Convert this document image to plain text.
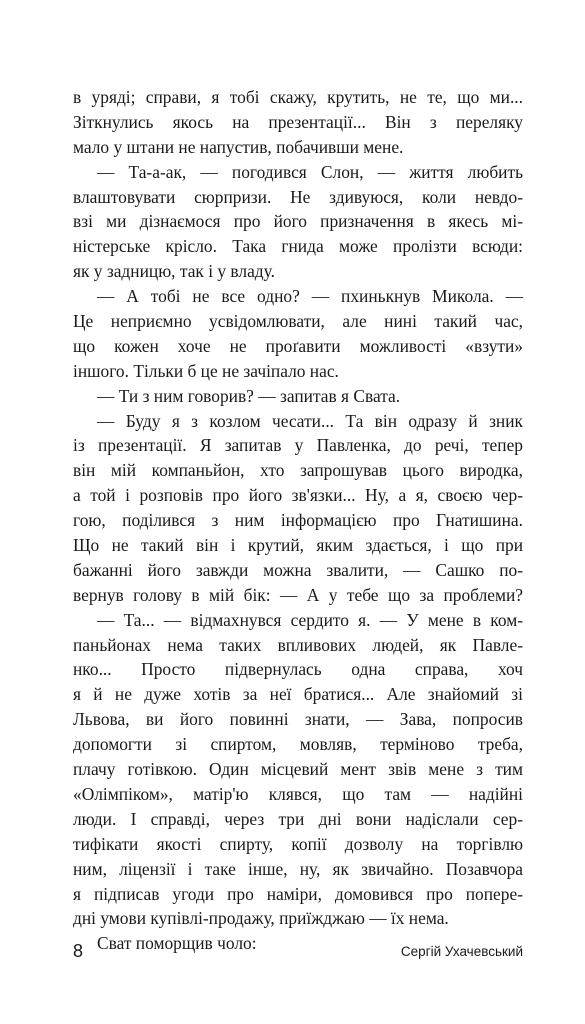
в уряді; справи, я тобі скажу, крутить, не те, що ми...
Зіткнулись якось на презентації... Він з переляку
мало у штани не напустив, побачивши мене.
— Та-а-ак, — погодився Слон, — життя любить
влаштовувати сюрпризи. Не здивуюся, коли невдо-
взі ми дізнаємося про його призначення в якесь мі-
ністерське крісло. Така гнида може пролізти всюди:
як у задницю, так і у владу.
— А тобі не все одно? — пхинькнув Микола. —
Це неприємно усвідомлювати, але нині такий час,
що кожен хоче не проґавити можливості «взути»
іншого. Тільки б це не зачіпало нас.
— Ти з ним говорив? — запитав я Свата.
— Буду я з козлом чесати... Та він одразу й зник
із презентації. Я запитав у Павленка, до речі, тепер
він мій компаньйон, хто запрошував цього виродка,
а той і розповів про його зв'язки... Ну, а я, своєю чер-
гою, поділився з ним інформацією про Гнатишина.
Що не такий він і крутий, яким здається, і що при
бажанні його завжди можна звалити, — Сашко по-
вернув голову в мій бік: — А у тебе що за проблеми?
— Та... — відмахнувся сердито я. — У мене в ком-
паньйонах нема таких впливових людей, як Павле-
нко... Просто підвернулась одна справа, хоч
я й не дуже хотів за неї братися... Але знайомий зі
Львова, ви його повинні знати, — Зава, попросив
допомогти зі спиртом, мовляв, терміново треба,
плачу готівкою. Один місцевий мент звів мене з тим
«Олімпіком», матір'ю клявся, що там — надійні
люди. І справді, через три дні вони надіслали сер-
тифікати якості спирту, копії дозволу на торгівлю
ним, ліцензії і таке інше, ну, як звичайно. Позавчора
я підписав угоди про наміри, домовився про попере-
дні умови купівлі-продажу, приїжджаю — їх нема.
Сват поморщив чоло:
8	Сергій Ухачевський
